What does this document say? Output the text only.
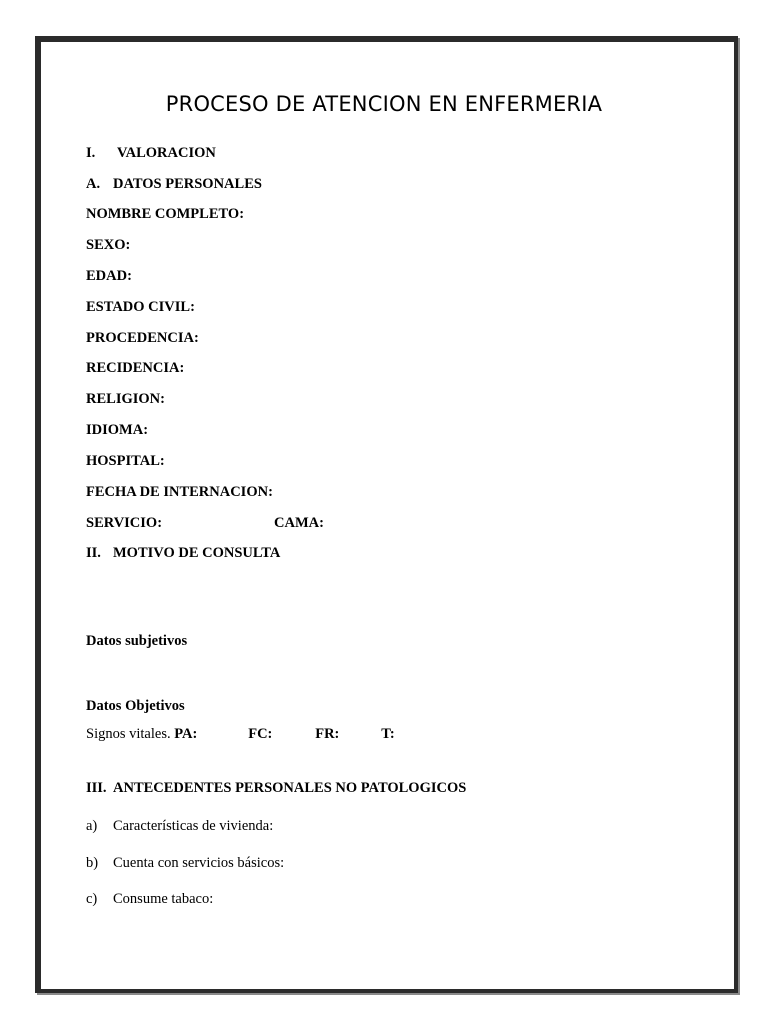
PROCESO DE ATENCION EN ENFERMERIA
I. VALORACION
A. DATOS PERSONALES
NOMBRE COMPLETO:
SEXO:
EDAD:
ESTADO CIVIL:
PROCEDENCIA:
RECIDENCIA:
RELIGION:
IDIOMA:
HOSPITAL:
FECHA DE INTERNACION:
SERVICIO:	CAMA:
II. MOTIVO DE CONSULTA
Datos subjetivos
Datos Objetivos
Signos vitales. PA:	FC:	FR:	T:
III. ANTECEDENTES PERSONALES NO PATOLOGICOS
a) Características de vivienda:
b) Cuenta con servicios básicos:
c) Consume tabaco:
